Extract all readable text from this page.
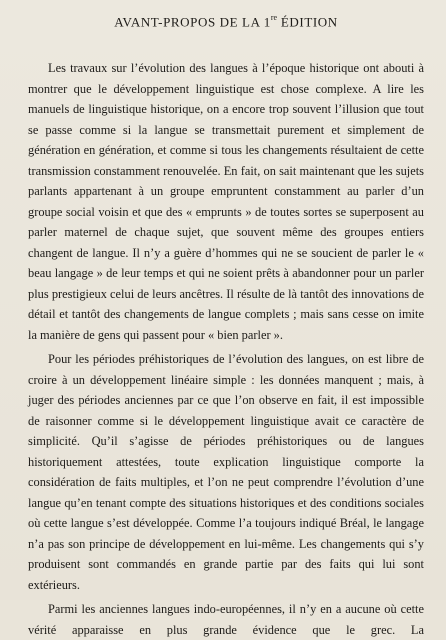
AVANT-PROPOS DE LA 1re ÉDITION

Les travaux sur l’évolution des langues à l’époque historique ont abouti à montrer que le développement linguistique est chose complexe. A lire les manuels de linguistique historique, on a encore trop souvent l’illusion que tout se passe comme si la langue se transmettait purement et simplement de génération en génération, et comme si tous les changements résultaient de cette transmission constamment renouvelée. En fait, on sait maintenant que les sujets parlants appartenant à un groupe empruntent constamment au parler d’un groupe social voisin et que des « emprunts » de toutes sortes se superposent au parler maternel de chaque sujet, que souvent même des groupes entiers changent de langue. Il n’y a guère d’hommes qui ne se soucient de parler le « beau langage » de leur temps et qui ne soient prêts à abandonner pour un parler plus prestigieux celui de leurs ancêtres. Il résulte de là tantôt des innovations de détail et tantôt des changements de langue complets ; mais sans cesse on imite la manière de gens qui passent pour « bien parler ».

Pour les périodes préhistoriques de l’évolution des langues, on est libre de croire à un développement linéaire simple : les données manquent ; mais, à juger des périodes anciennes par ce que l’on observe en fait, il est impossible de raisonner comme si le développement linguistique avait ce caractère de simplicité. Qu’il s’agisse de périodes préhistoriques ou de langues historiquement attestées, toute explication linguistique comporte la considération de faits multiples, et l’on ne peut comprendre l’évolution d’une langue qu’en tenant compte des situations historiques et des conditions sociales où cette langue s’est développée. Comme l’a toujours indiqué Bréal, le langage n’a pas son principe de développement en lui-même. Les changements qui s’y produisent sont commandés en grande partie par des faits qui lui sont extérieurs.

Parmi les anciennes langues indo-européennes, il n’y en a aucune où cette vérité apparaisse en plus grande évidence que le grec. La
